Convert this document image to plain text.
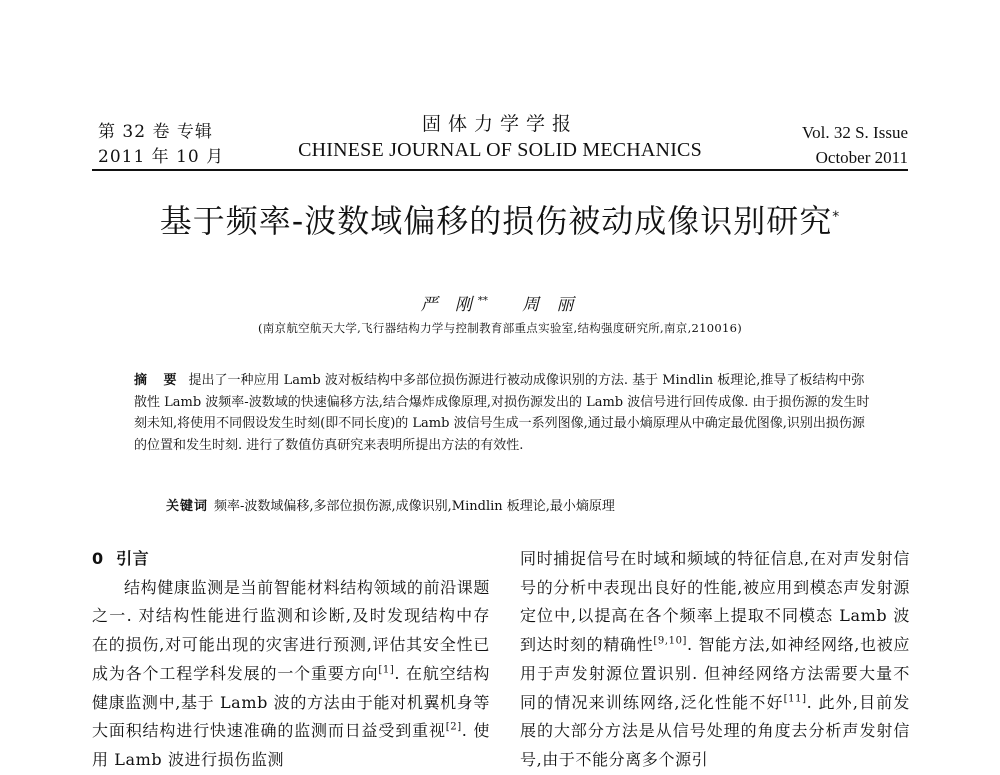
第 32 卷 专辑
2011 年 10 月
固体力学学报
CHINESE JOURNAL OF SOLID MECHANICS
Vol. 32 S. Issue
October 2011
基于频率-波数域偏移的损伤被动成像识别研究*
严 刚** 周 丽
(南京航空航天大学,飞行器结构力学与控制教育部重点实验室,结构强度研究所,南京,210016)
摘 要 提出了一种应用 Lamb 波对板结构中多部位损伤源进行被动成像识别的方法. 基于 Mindlin 板理论,推导了板结构中弥散性 Lamb 波频率-波数域的快速偏移方法,结合爆炸成像原理,对损伤源发出的 Lamb 波信号进行回传成像. 由于损伤源的发生时刻未知,将使用不同假设发生时刻(即不同长度)的 Lamb 波信号生成一系列图像,通过最小熵原理从中确定最优图像,识别出损伤源的位置和发生时刻. 进行了数值仿真研究来表明所提出方法的有效性.
关键词 频率-波数域偏移,多部位损伤源,成像识别,Mindlin 板理论,最小熵原理
0 引言

结构健康监测是当前智能材料结构领域的前沿课题之一. 对结构性能进行监测和诊断,及时发现结构中存在的损伤,对可能出现的灾害进行预测,评估其安全性已成为各个工程学科发展的一个重要方向[1]. 在航空结构健康监测中,基于 Lamb 波的方法由于能对机翼机身等大面积结构进行快速准确的监测而日益受到重视[2]. 使用 Lamb 波进行损伤监测

同时捕捉信号在时域和频域的特征信息,在对声发射信号的分析中表现出良好的性能,被应用到模态声发射源定位中,以提高在各个频率上提取不同模态 Lamb 波到达时刻的精确性[9,10]. 智能方法,如神经网络,也被应用于声发射源位置识别. 但神经网络方法需要大量不同的情况来训练网络,泛化性能不好[11]. 此外,目前发展的大部分方法是从信号处理的角度去分析声发射信号,由于不能分离多个源引
